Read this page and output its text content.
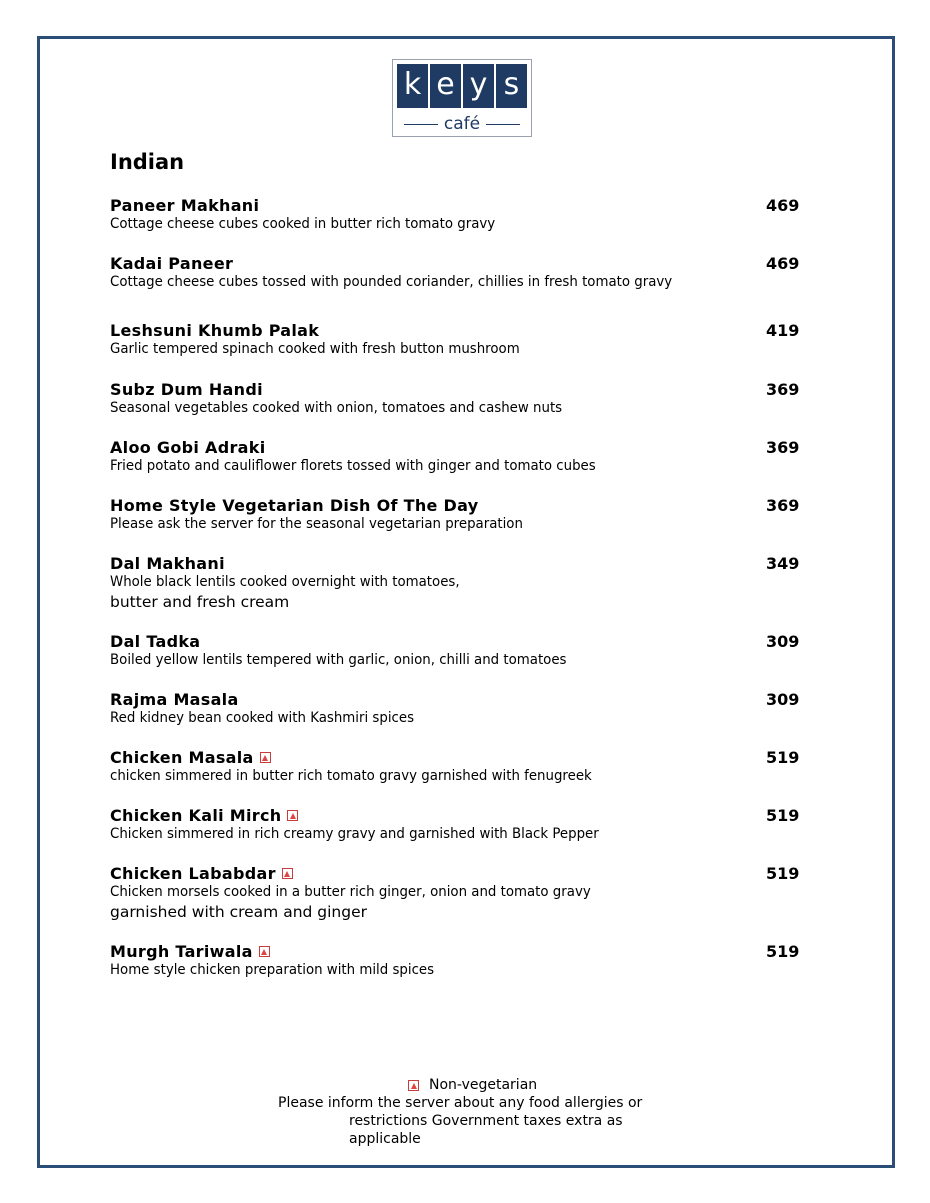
k e y s
café
Indian
Paneer Makhani	469
Cottage cheese cubes cooked in butter rich tomato gravy
Kadai Paneer	469
Cottage cheese cubes tossed with pounded coriander, chillies in fresh tomato gravy
Leshsuni Khumb Palak	419
Garlic tempered spinach cooked with fresh button mushroom
Subz Dum Handi	369
Seasonal vegetables cooked with onion, tomatoes and cashew nuts
Aloo Gobi Adraki	369
Fried potato and cauliflower florets tossed with ginger and tomato cubes
Home Style Vegetarian Dish Of The Day	369
Please ask the server for the seasonal vegetarian preparation
Dal Makhani	349
Whole black lentils cooked overnight with tomatoes,
butter and fresh cream
Dal Tadka	309
Boiled yellow lentils tempered with garlic, onion, chilli and tomatoes
Rajma Masala	309
Red kidney bean cooked with Kashmiri spices
Chicken Masala	519
chicken simmered in butter rich tomato gravy garnished with fenugreek
Chicken Kali Mirch	519
Chicken simmered in rich creamy gravy and garnished with Black Pepper
Chicken Lababdar	519
Chicken morsels cooked in a butter rich ginger, onion and tomato gravy
garnished with cream and ginger
Murgh Tariwala	519
Home style chicken preparation with mild spices
Non-vegetarian
Please inform the server about any food allergies or
restrictions Government taxes extra as
applicable
